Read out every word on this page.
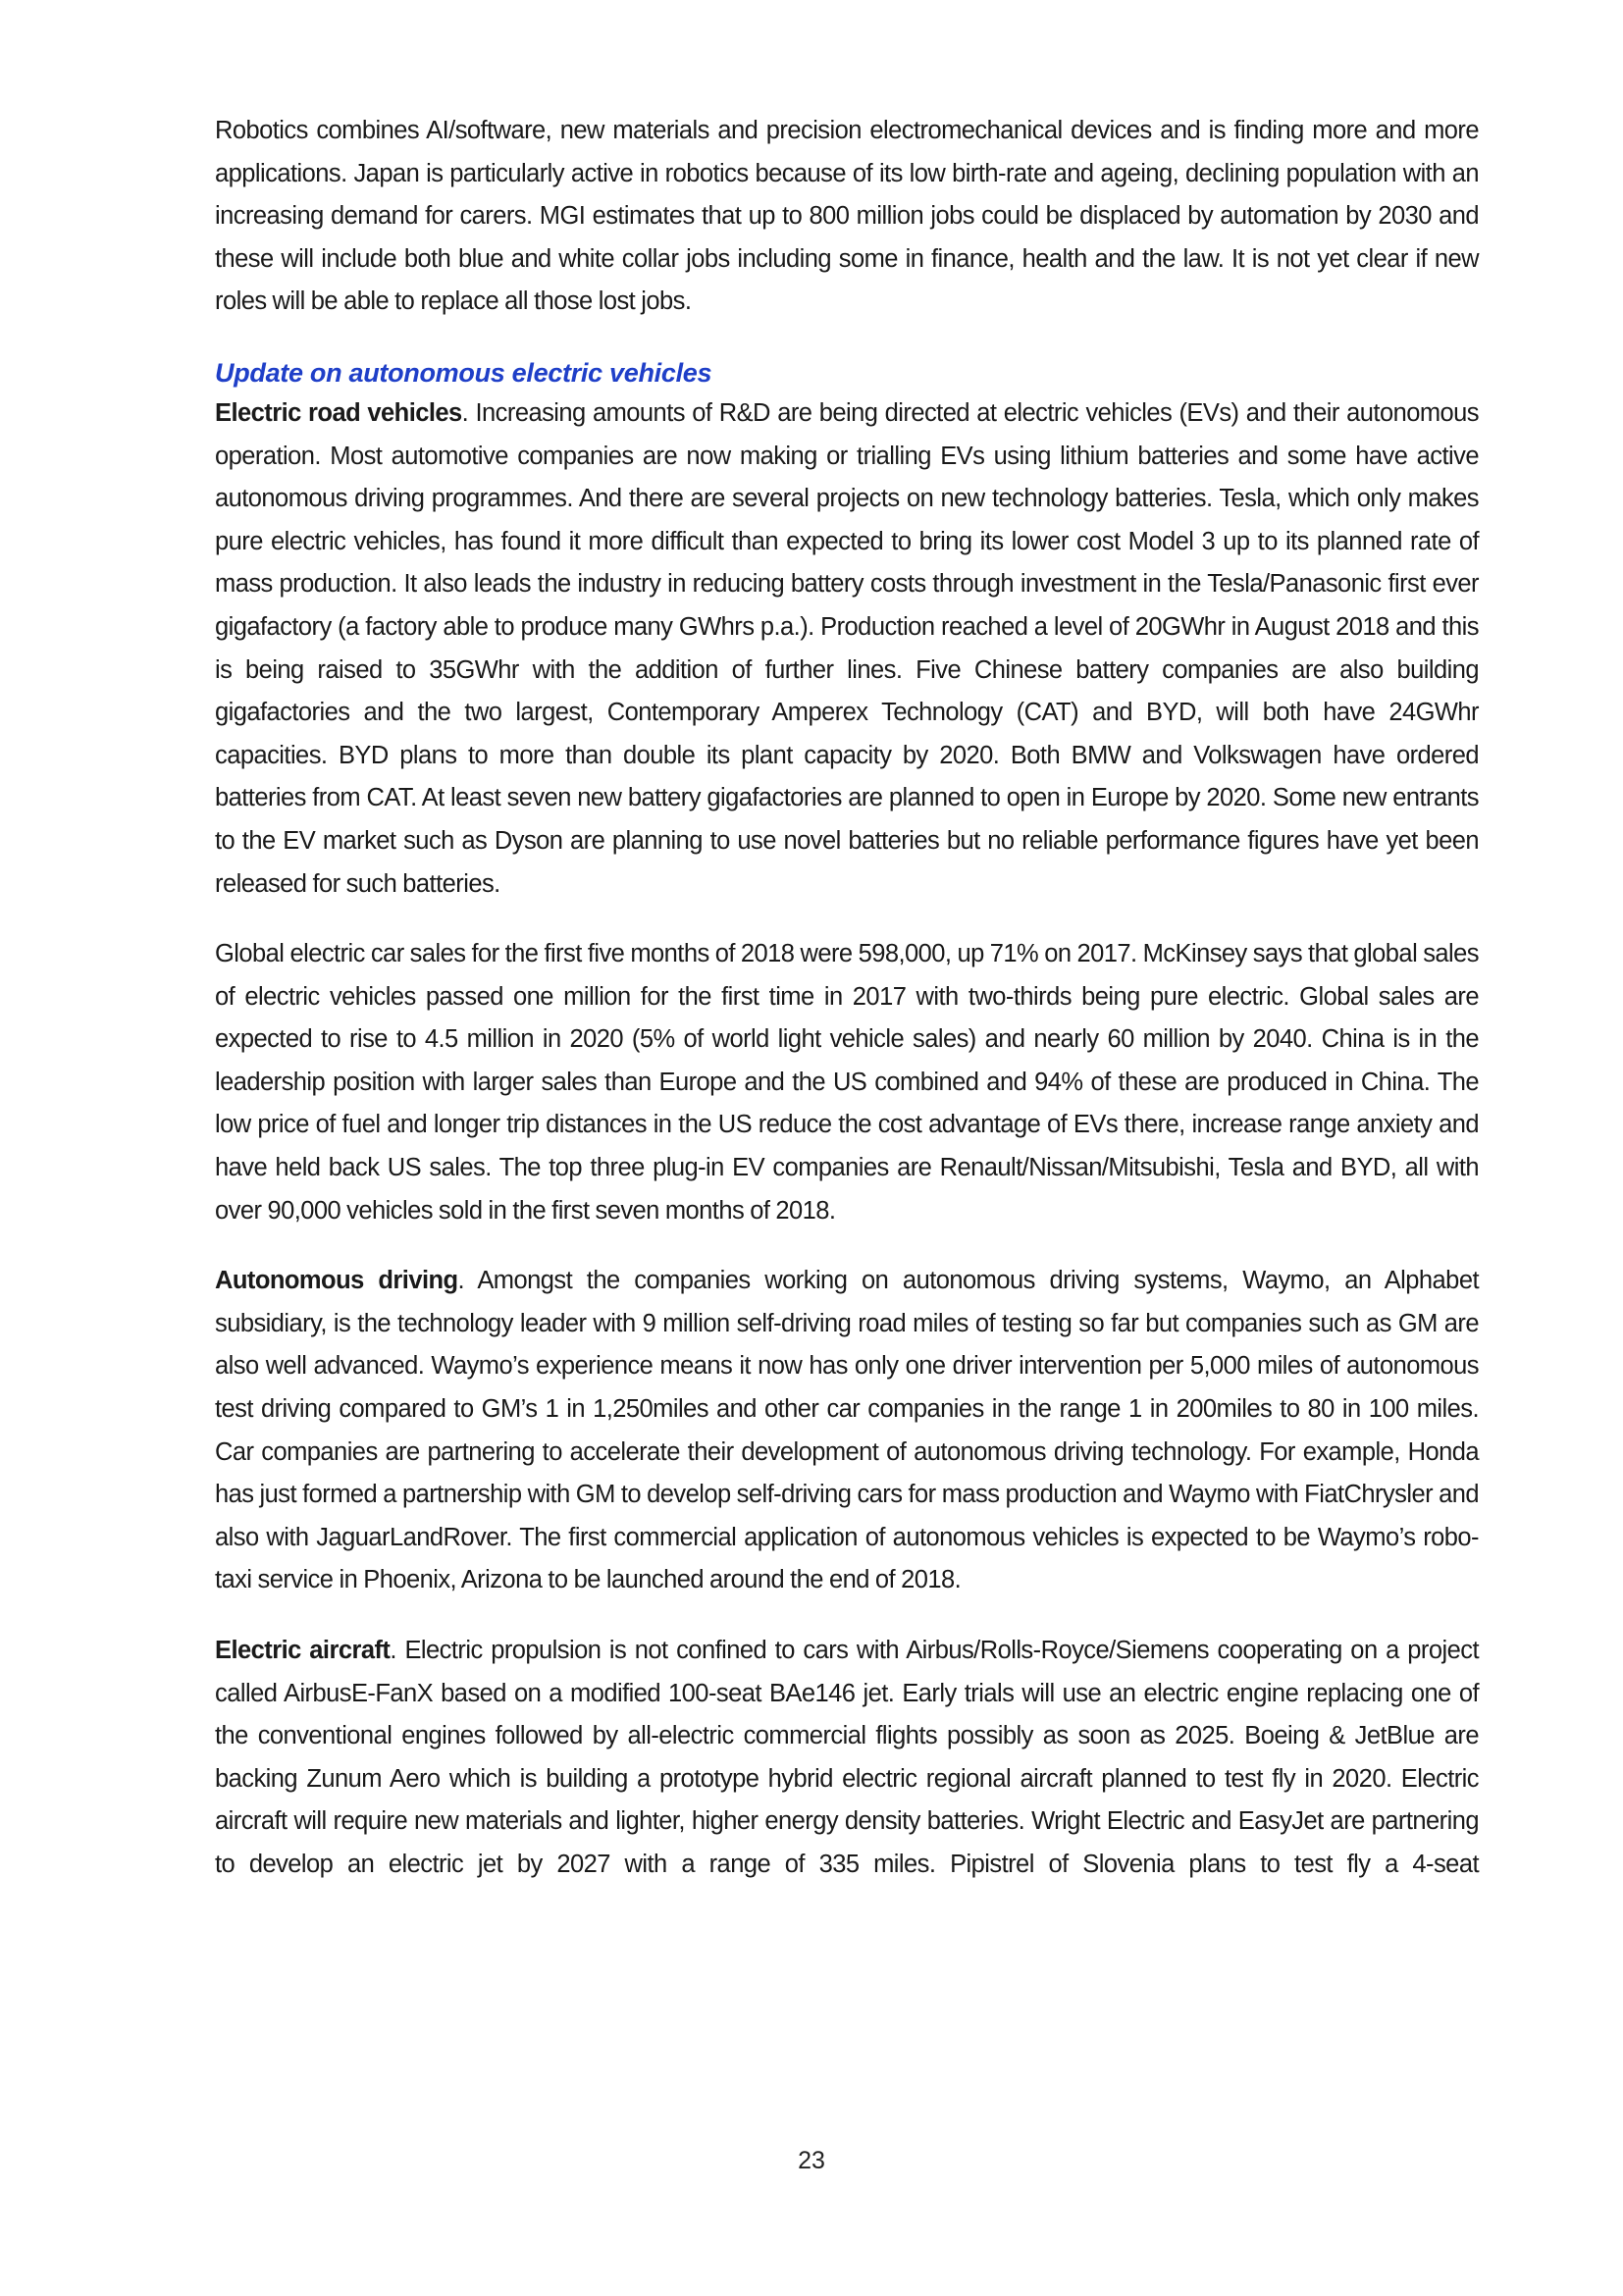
Robotics combines AI/software, new materials and precision electromechanical devices and is finding more and more applications. Japan is particularly active in robotics because of its low birth-rate and ageing, declining population with an increasing demand for carers. MGI estimates that up to 800 million jobs could be displaced by automation by 2030 and these will include both blue and white collar jobs including some in finance, health and the law. It is not yet clear if new roles will be able to replace all those lost jobs.

Update on autonomous electric vehicles

Electric road vehicles. Increasing amounts of R&D are being directed at electric vehicles (EVs) and their autonomous operation. Most automotive companies are now making or trialling EVs using lithium batteries and some have active autonomous driving programmes. And there are several projects on new technology batteries. Tesla, which only makes pure electric vehicles, has found it more difficult than expected to bring its lower cost Model 3 up to its planned rate of mass production. It also leads the industry in reducing battery costs through investment in the Tesla/Panasonic first ever gigafactory (a factory able to produce many GWhrs p.a.). Production reached a level of 20GWhr in August 2018 and this is being raised to 35GWhr with the addition of further lines. Five Chinese battery companies are also building gigafactories and the two largest, Contemporary Amperex Technology (CAT) and BYD, will both have 24GWhr capacities. BYD plans to more than double its plant capacity by 2020. Both BMW and Volkswagen have ordered batteries from CAT. At least seven new battery gigafactories are planned to open in Europe by 2020. Some new entrants to the EV market such as Dyson are planning to use novel batteries but no reliable performance figures have yet been released for such batteries.

Global electric car sales for the first five months of 2018 were 598,000, up 71% on 2017. McKinsey says that global sales of electric vehicles passed one million for the first time in 2017 with two-thirds being pure electric. Global sales are expected to rise to 4.5 million in 2020 (5% of world light vehicle sales) and nearly 60 million by 2040. China is in the leadership position with larger sales than Europe and the US combined and 94% of these are produced in China. The low price of fuel and longer trip distances in the US reduce the cost advantage of EVs there, increase range anxiety and have held back US sales. The top three plug-in EV companies are Renault/Nissan/Mitsubishi, Tesla and BYD, all with over 90,000 vehicles sold in the first seven months of 2018.

Autonomous driving. Amongst the companies working on autonomous driving systems, Waymo, an Alphabet subsidiary, is the technology leader with 9 million self-driving road miles of testing so far but companies such as GM are also well advanced. Waymo’s experience means it now has only one driver intervention per 5,000 miles of autonomous test driving compared to GM’s 1 in 1,250miles and other car companies in the range 1 in 200miles to 80 in 100 miles. Car companies are partnering to accelerate their development of autonomous driving technology. For example, Honda has just formed a partnership with GM to develop self-driving cars for mass production and Waymo with FiatChrysler and also with JaguarLandRover. The first commercial application of autonomous vehicles is expected to be Waymo’s robo-taxi service in Phoenix, Arizona to be launched around the end of 2018.

Electric aircraft. Electric propulsion is not confined to cars with Airbus/Rolls-Royce/Siemens cooperating on a project called AirbusE-FanX based on a modified 100-seat BAe146 jet. Early trials will use an electric engine replacing one of the conventional engines followed by all-electric commercial flights possibly as soon as 2025. Boeing & JetBlue are backing Zunum Aero which is building a prototype hybrid electric regional aircraft planned to test fly in 2020. Electric aircraft will require new materials and lighter, higher energy density batteries. Wright Electric and EasyJet are partnering to develop an electric jet by 2027 with a range of 335 miles. Pipistrel of Slovenia plans to test fly a 4-seat

23
